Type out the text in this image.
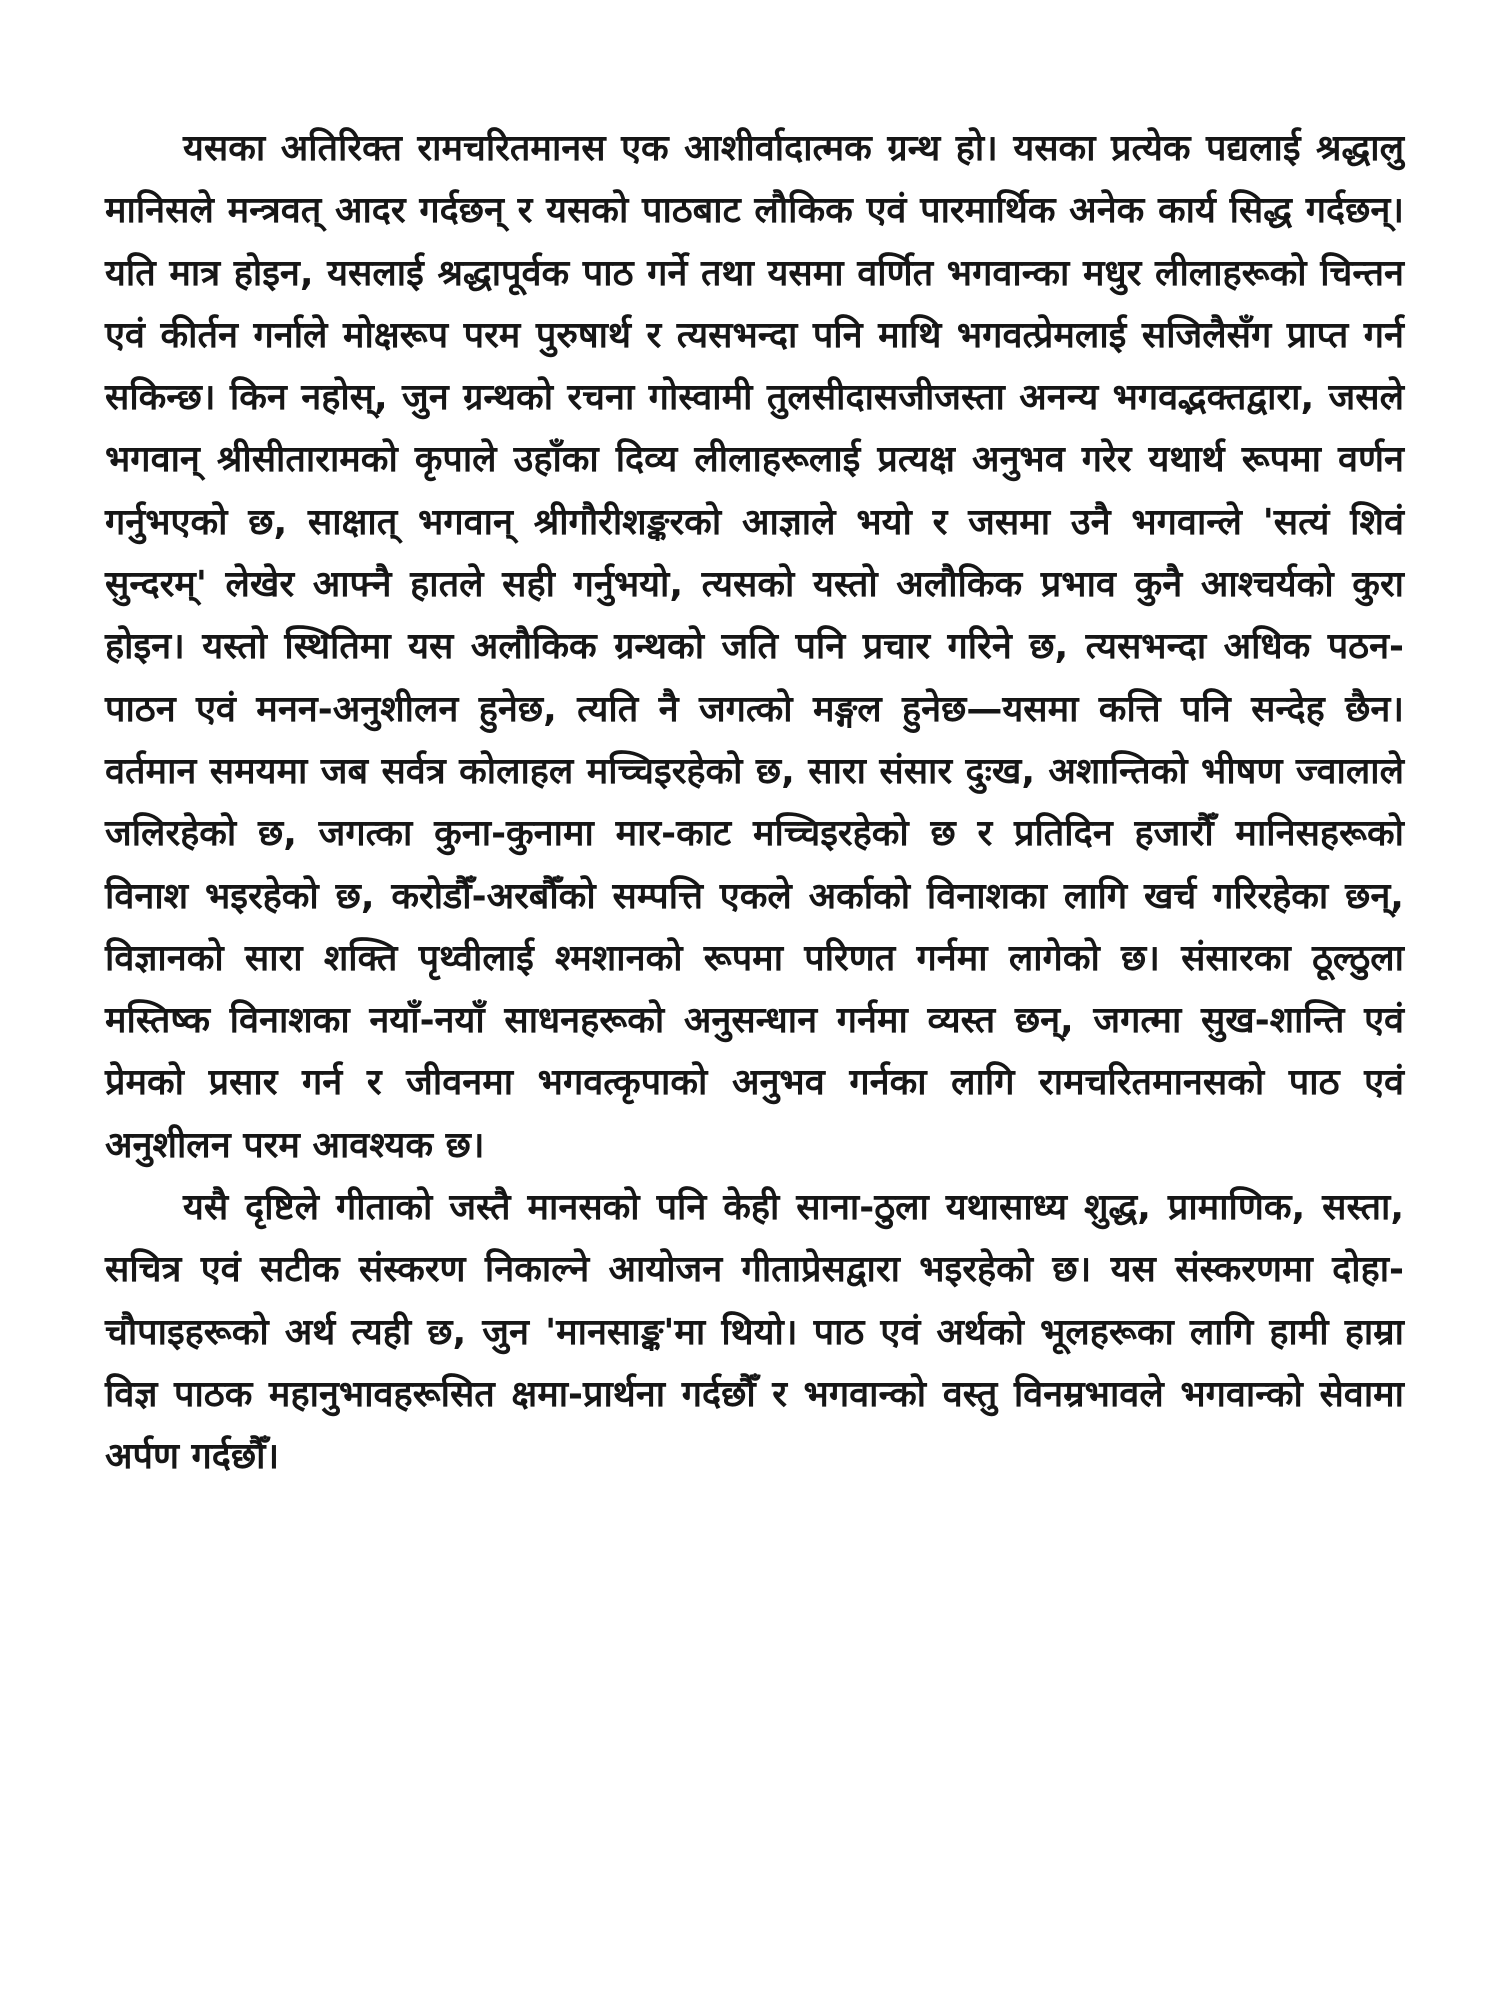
यसका अतिरिक्त रामचरितमानस एक आशीर्वादात्मक ग्रन्थ हो। यसका प्रत्येक पद्यलाई श्रद्धालु मानिसले मन्त्रवत् आदर गर्दछन् र यसको पाठबाट लौकिक एवं पारमार्थिक अनेक कार्य सिद्ध गर्दछन्। यति मात्र होइन, यसलाई श्रद्धापूर्वक पाठ गर्ने तथा यसमा वर्णित भगवान्का मधुर लीलाहरूको चिन्तन एवं कीर्तन गर्नाले मोक्षरूप परम पुरुषार्थ र त्यसभन्दा पनि माथि भगवत्प्रेमलाई सजिलैसँग प्राप्त गर्न सकिन्छ। किन नहोस्, जुन ग्रन्थको रचना गोस्वामी तुलसीदासजीजस्ता अनन्य भगवद्भक्तद्वारा, जसले भगवान् श्रीसीतारामको कृपाले उहाँका दिव्य लीलाहरूलाई प्रत्यक्ष अनुभव गरेर यथार्थ रूपमा वर्णन गर्नुभएको छ, साक्षात् भगवान् श्रीगौरीशङ्करको आज्ञाले भयो र जसमा उनै भगवान्ले 'सत्यं शिवं सुन्दरम्' लेखेर आफ्नै हातले सही गर्नुभयो, त्यसको यस्तो अलौकिक प्रभाव कुनै आश्चर्यको कुरा होइन। यस्तो स्थितिमा यस अलौकिक ग्रन्थको जति पनि प्रचार गरिने छ, त्यसभन्दा अधिक पठन-पाठन एवं मनन-अनुशीलन हुनेछ, त्यति नै जगत्को मङ्गल हुनेछ—यसमा कत्ति पनि सन्देह छैन। वर्तमान समयमा जब सर्वत्र कोलाहल मच्चिइरहेको छ, सारा संसार दुःख, अशान्तिको भीषण ज्वालाले जलिरहेको छ, जगत्का कुना-कुनामा मार-काट मच्चिइरहेको छ र प्रतिदिन हजारौँ मानिसहरूको विनाश भइरहेको छ, करोडौँ-अरबौँको सम्पत्ति एकले अर्काको विनाशका लागि खर्च गरिरहेका छन्, विज्ञानको सारा शक्ति पृथ्वीलाई श्मशानको रूपमा परिणत गर्नमा लागेको छ। संसारका ठूल्ठुला मस्तिष्क विनाशका नयाँ-नयाँ साधनहरूको अनुसन्धान गर्नमा व्यस्त छन्, जगत्मा सुख-शान्ति एवं प्रेमको प्रसार गर्न र जीवनमा भगवत्कृपाको अनुभव गर्नका लागि रामचरितमानसको पाठ एवं अनुशीलन परम आवश्यक छ।

यसै दृष्टिले गीताको जस्तै मानसको पनि केही साना-ठुला यथासाध्य शुद्ध, प्रामाणिक, सस्ता, सचित्र एवं सटीक संस्करण निकाल्ने आयोजन गीताप्रेसद्वारा भइरहेको छ। यस संस्करणमा दोहा-चौपाइहरूको अर्थ त्यही छ, जुन 'मानसाङ्क'मा थियो। पाठ एवं अर्थको भूलहरूका लागि हामी हाम्रा विज्ञ पाठक महानुभावहरूसित क्षमा-प्रार्थना गर्दछौँ र भगवान्को वस्तु विनम्रभावले भगवान्को सेवामा अर्पण गर्दछौँ।
